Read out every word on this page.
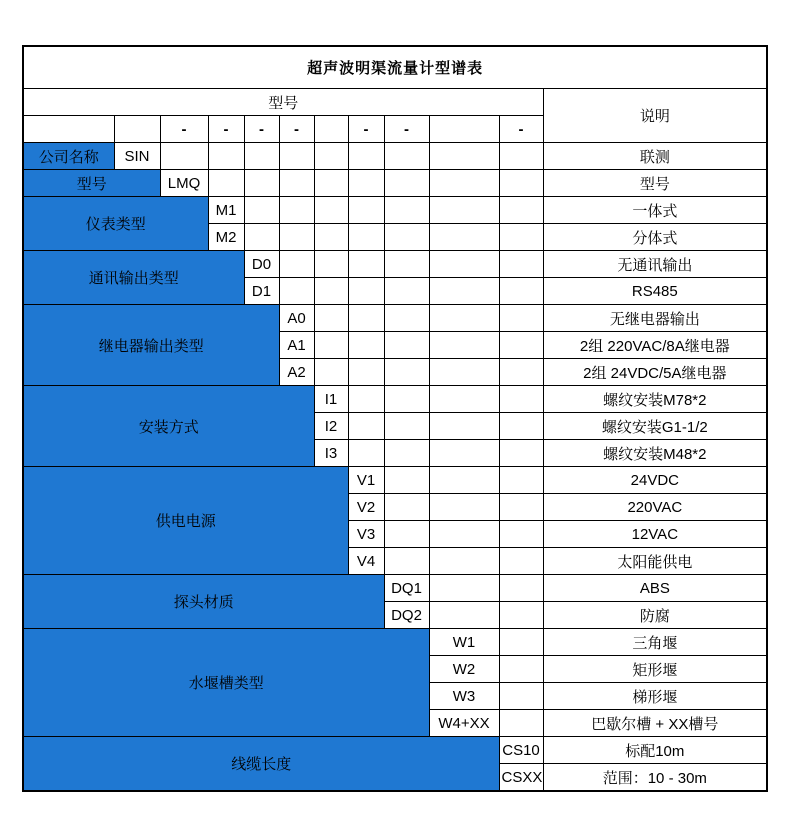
超声波明渠流量计型谱表											
型号											说明
		-	-	-	-		-	-		-	
公司名称	SIN										联测
型号		LMQ									型号
仪表类型			M1								一体式
			M2								分体式
通讯输出类型				D0							无通讯输出
				D1							RS485
继电器输出类型					A0						无继电器输出
					A1						2组 220VAC/8A继电器
					A2						2组 24VDC/5A继电器
安装方式						I1					螺纹安装M78*2
						I2					螺纹安装G1-1/2
						I3					螺纹安装M48*2
供电电源							V1				24VDC
							V2				220VAC
							V3				12VAC
							V4				太阳能供电
探头材质								DQ1			ABS
								DQ2			防腐
水堰槽类型									W1		三角堰
									W2		矩形堰
									W3		梯形堰
									W4+XX		巴歇尔槽 + XX槽号
线缆长度										CS10	标配10m
										CSXX	范围：10 - 30m
